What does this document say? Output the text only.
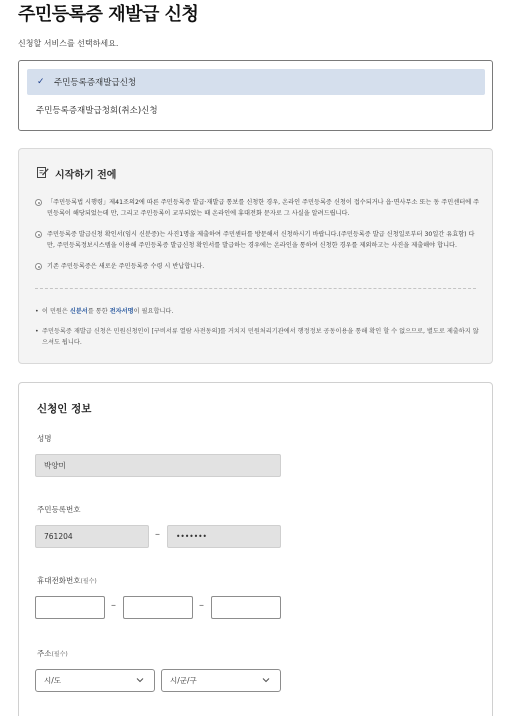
주민등록증 재발급 신청
신청할 서비스를 선택하세요.
✓	주민등록증재발급신청
주민등록증재발급청회(취소)신청
시작하기 전에
「주민등록법 시행령」제41조의2에 따른 주민등록증 발급·재발급 통보를 신청한 경우, 온라인 주민등록증 신청이 접수되거나 읍·면사무소 또는 동 주민센터에 주민등록이 해당되었는데 만, 그리고 주민등록이 교부되었는 때 온라인에 휴대전화 문자로 그 사실을 알려드립니다.
주민등록증 발급신청 확인서(임시 신분증)는 사진1명을 제출하여 주민센터를 방문해서 신청하시기 바랍니다.(주민등록증 발급 신청일로부터 30일간 유효함) 다만, 주민등록정보시스템을 이용해 주민등록증 발급신청 확인서를 발급하는 경우에는 온라인을 통하여 신청한 경우를 제외하고는 사진을 제출해야 합니다.
기존 주민등록증은 새로운 주민등록증 수령 시 반납합니다.
• 이 민원은 신분서를 통한 전자서명이 필요합니다.
• 주민등록증 재발급 신청은 민원신청인이 [구비서류 열람 사전동의]를 거치지 민원처리기관에서 행정정보 공동이용을 통해 확인 할 수 없으므로, 별도로 제출하지 않으셔도 됩니다.
신청인 정보
성명
박양미
주민등록번호
761204	–	•••••••
휴대전화번호(필수)
–	–
주소(필수)
시/도	시/군/구
